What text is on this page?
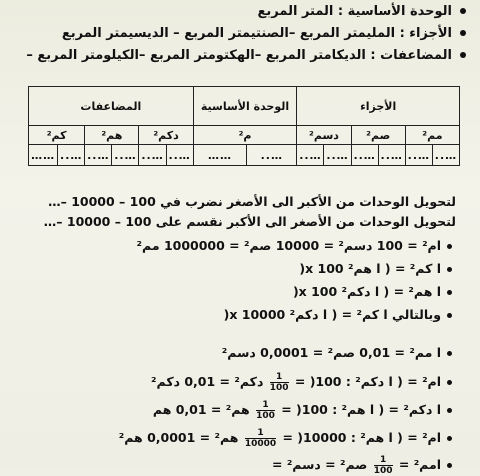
الوحدة الأساسية : المتر المربع
الأجزاء : المليمتر المربع –الصنتيمتر المربع – الديسيمتر المربع
المضاعفات : الديكامتر المربع –الهكتومتر المربع –الكيلومتر المربع –
الأجزاء						الوحدة الأساسية		المضاعفات					
مم²		صم²		دسم²		م²		دكم²		هم²		كم²	
…..	…..	…..	…..	…..	…..	…..	……	…..	…..	…..	…..	…..	……
لتحويل الوحدات من الأكبر الى الأصغر نضرب في 100 – 10000 –…
لتحويل الوحدات من الأصغر الى الأكبر نقسم على 100 – 10000 –…
ام² = 100 دسم² = 10000 صم² = 1000000 مم²
ا كم² = ( ا هم² x 100(
ا هم² = ( ا دكم² x 100(
وبالتالي ا كم² = ( ا دكم² x 10000(
ا مم² = 0,01 صم² = 0,0001 دسم²
ام² = ( ا دكم² : 100( =
$\frac{1}{100}$
دكم² = 0,01 دكم²
ا دكم² = ( ا هم² : 100( =
$\frac{1}{100}$
هم² = 0,01 هم
ام² = ( ا هم² : 10000( =
$\frac{1}{10000}$
هم² = 0,0001 هم²
امم² =
$\frac{1}{100}$
صم² = دسم² =
